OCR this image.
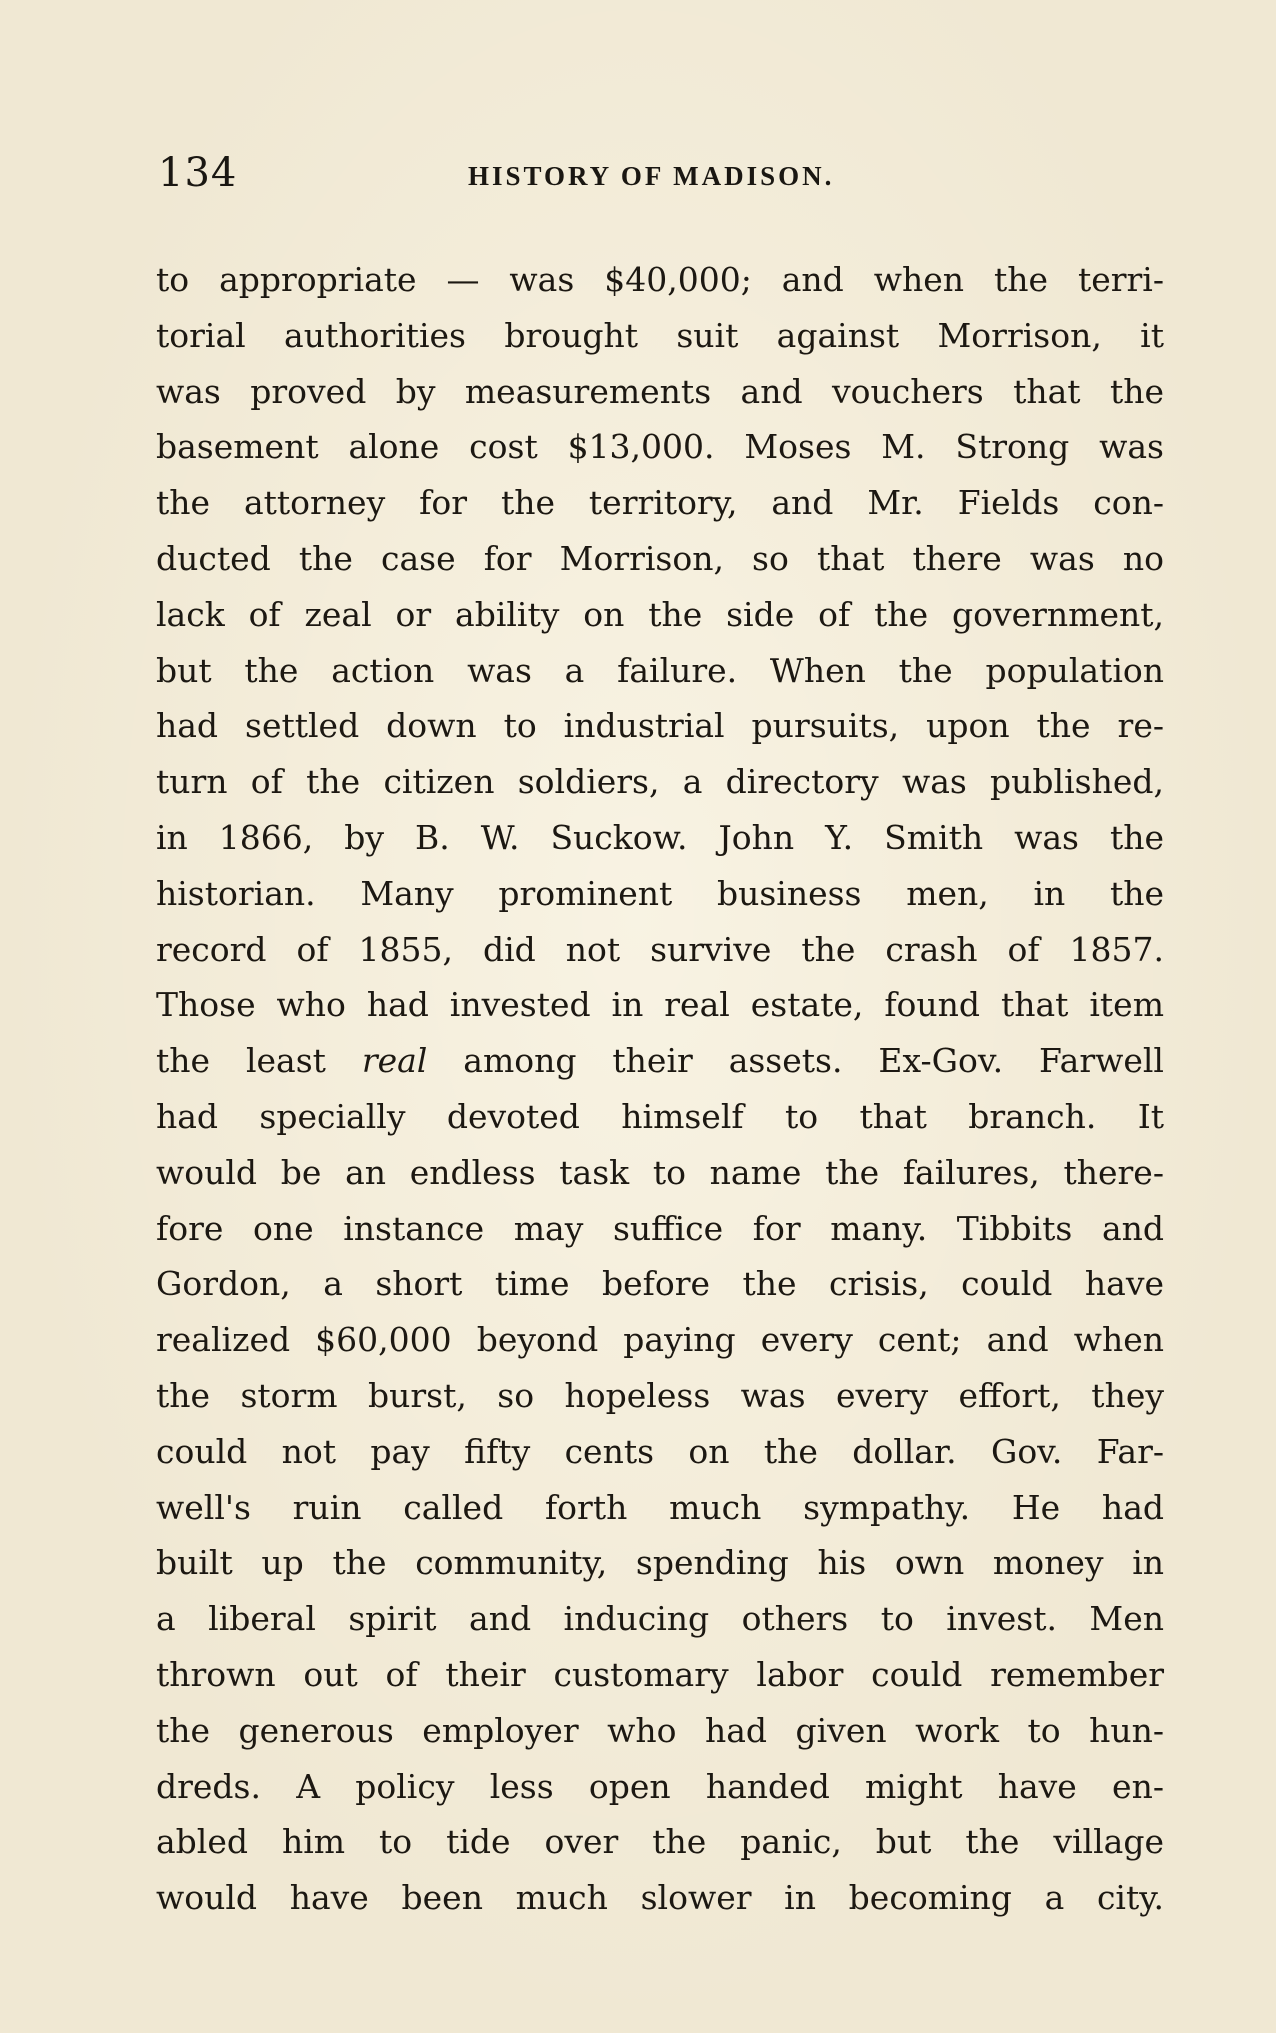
134	HISTORY OF MADISON.
to appropriate — was $40,000; and when the terri-
torial authorities brought suit against Morrison, it
was proved by measurements and vouchers that the
basement alone cost $13,000. Moses M. Strong was
the attorney for the territory, and Mr. Fields con-
ducted the case for Morrison, so that there was no
lack of zeal or ability on the side of the government,
but the action was a failure. When the population
had settled down to industrial pursuits, upon the re-
turn of the citizen soldiers, a directory was published,
in 1866, by B. W. Suckow. John Y. Smith was the
historian. Many prominent business men, in the
record of 1855, did not survive the crash of 1857.
Those who had invested in real estate, found that item
the least real among their assets. Ex-Gov. Farwell
had specially devoted himself to that branch. It
would be an endless task to name the failures, there-
fore one instance may suffice for many. Tibbits and
Gordon, a short time before the crisis, could have
realized $60,000 beyond paying every cent; and when
the storm burst, so hopeless was every effort, they
could not pay fifty cents on the dollar. Gov. Far-
well's ruin called forth much sympathy. He had
built up the community, spending his own money in
a liberal spirit and inducing others to invest. Men
thrown out of their customary labor could remember
the generous employer who had given work to hun-
dreds. A policy less open handed might have en-
abled him to tide over the panic, but the village
would have been much slower in becoming a city.
